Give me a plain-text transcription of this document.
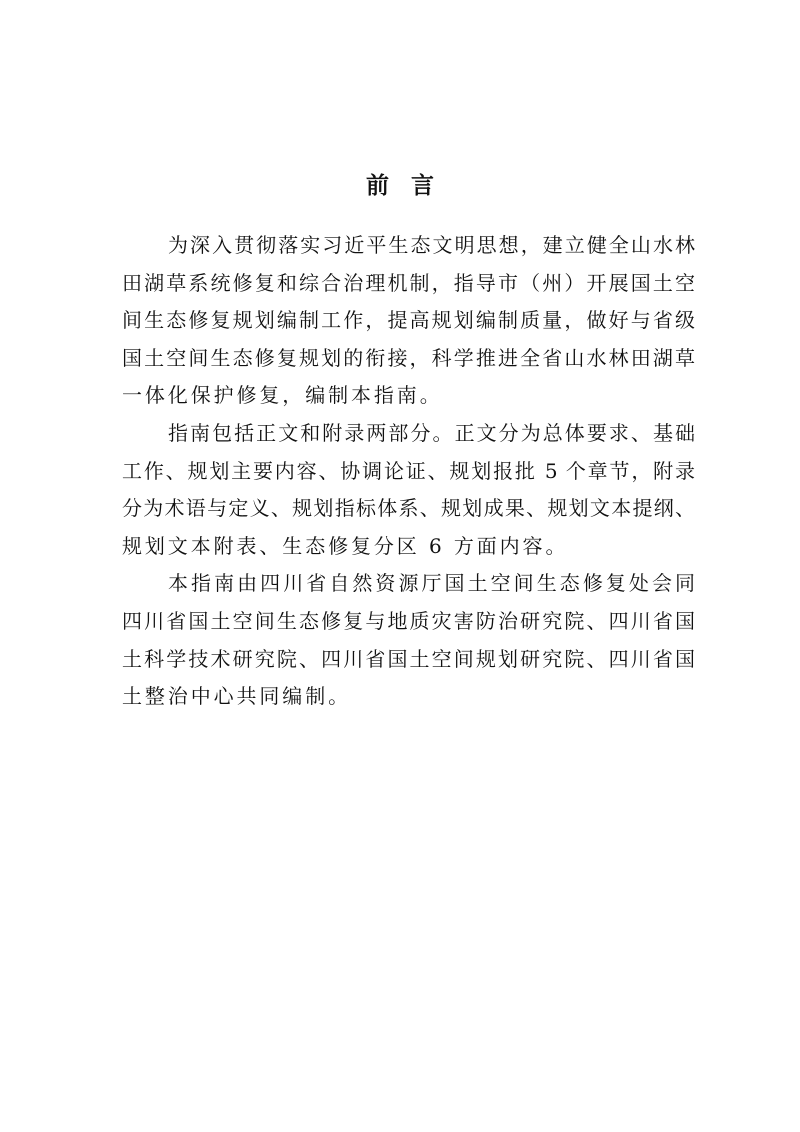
前言
为深入贯彻落实习近平生态文明思想，建立健全山水林
田湖草系统修复和综合治理机制，指导市（州）开展国土空
间生态修复规划编制工作，提高规划编制质量，做好与省级
国土空间生态修复规划的衔接，科学推进全省山水林田湖草
一体化保护修复，编制本指南。
指南包括正文和附录两部分。正文分为总体要求、基础
工作、规划主要内容、协调论证、规划报批 5 个章节，附录
分为术语与定义、规划指标体系、规划成果、规划文本提纲、
规划文本附表、生态修复分区 6 方面内容。
本指南由四川省自然资源厅国土空间生态修复处会同
四川省国土空间生态修复与地质灾害防治研究院、四川省国
土科学技术研究院、四川省国土空间规划研究院、四川省国
土整治中心共同编制。
